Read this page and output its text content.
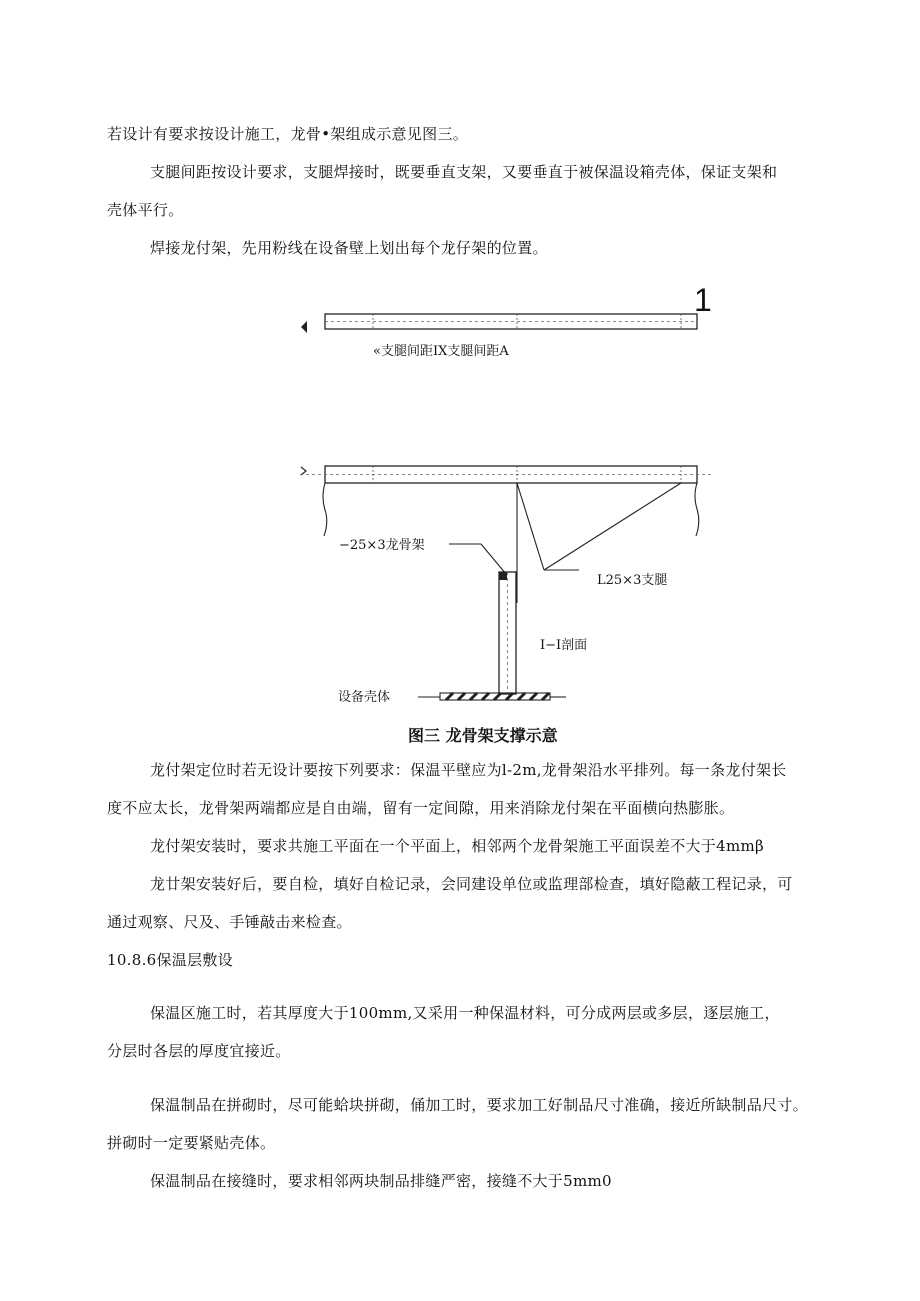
若设计有要求按设计施工，龙骨•架组成示意见图三。
支腿间距按设计要求，支腿焊接时，既要垂直支架，又要垂直于被保温设箱壳体，保证支架和
壳体平行。
焊接龙付架，先用粉线在设备壁上划出每个龙仔架的位置。
1
«支腿间距IX支腿间距A
−25×3龙骨架
L25×3支腿
I−I剖面
设备壳体
图三 龙骨架支撑示意
龙付架定位时若无设计要按下列要求：保温平壁应为l-2m,龙骨架沿水平排列。每一条龙付架长
度不应太长，龙骨架两端都应是自由端，留有一定间隙，用来消除龙付架在平面横向热膨胀。
龙付架安装时，要求共施工平面在一个平面上，相邻两个龙骨架施工平面误差不大于4mmβ
龙廿架安装好后，要自检，填好自检记录，会同建设单位或监理部检查，填好隐蔽工程记录，可
通过观察、尺及、手锤敲击来检查。
10.8.6保温层敷设
保温区施工时，若其厚度大于100mm,又采用一种保温材料，可分成两层或多层，逐层施工，
分层时各层的厚度宜接近。
保温制品在拼砌时，尽可能蛤块拼砌，俑加工时，要求加工好制品尺寸准确，接近所缺制品尺寸。
拼砌时一定要紧贴壳体。
保温制品在接缝时，要求相邻两块制品排缝严密，接缝不大于5mm0
